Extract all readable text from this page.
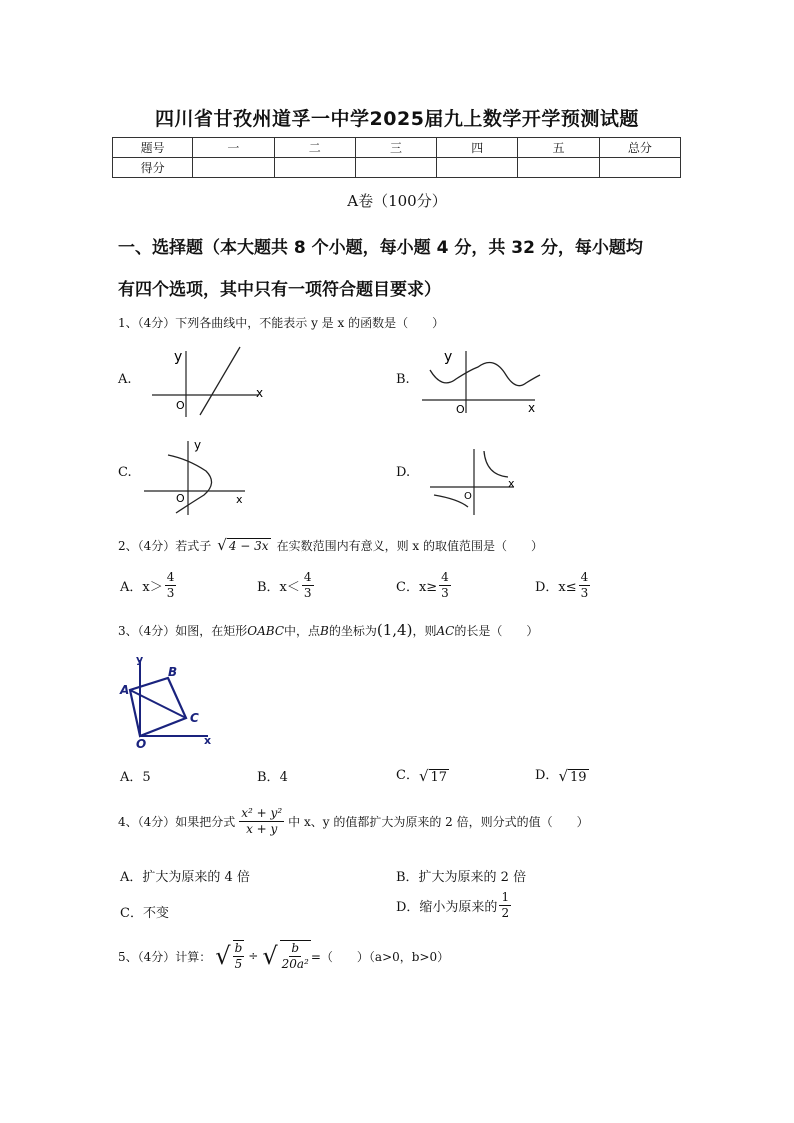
四川省甘孜州道孚一中学2025届九上数学开学预测试题
题号	一	二	三	四	五	总分
得分						
A卷（100分）
一、选择题（本大题共 8 个小题，每小题 4 分，共 32 分，每小题均
有四个选项，其中只有一项符合题目要求）
1、（4分）下列各曲线中，不能表示 y 是 x 的函数是（　　）
A.
y
x
O
B.
y
x
O
C.
y
x
O
D.
x
O
2、（4分）若式子 √ 4 − 3x 在实数范围内有意义，则 x 的取值范围是（　　）
A．$x> \frac{4}{3}$	B．$x< \frac{4}{3}$	C．$x\ge \frac{4}{3}$	D．$x\le \frac{4}{3}$
3、（4分）如图，在矩形OABC中，点B的坐标为(1,4)，则AC的长是（　　）
y
x
A
B
C
O
A．5	B．4	C．√ 17	D．√ 19
4、（4分）如果把分式 $\frac{\text{x² + y²}}{x + y}$ 中 x、y 的值都扩大为原来的 2 倍，则分式的值（　　）
A．扩大为原来的 4 倍	B．扩大为原来的 2 倍
C．不变	D．缩小为原来的 $\frac{1}{2}$
5、（4分）计算： √ $\frac{b}{5}$ ÷ √ $\frac{b}{\text{20a²}}$ =（　　）（a>0，b>0）
